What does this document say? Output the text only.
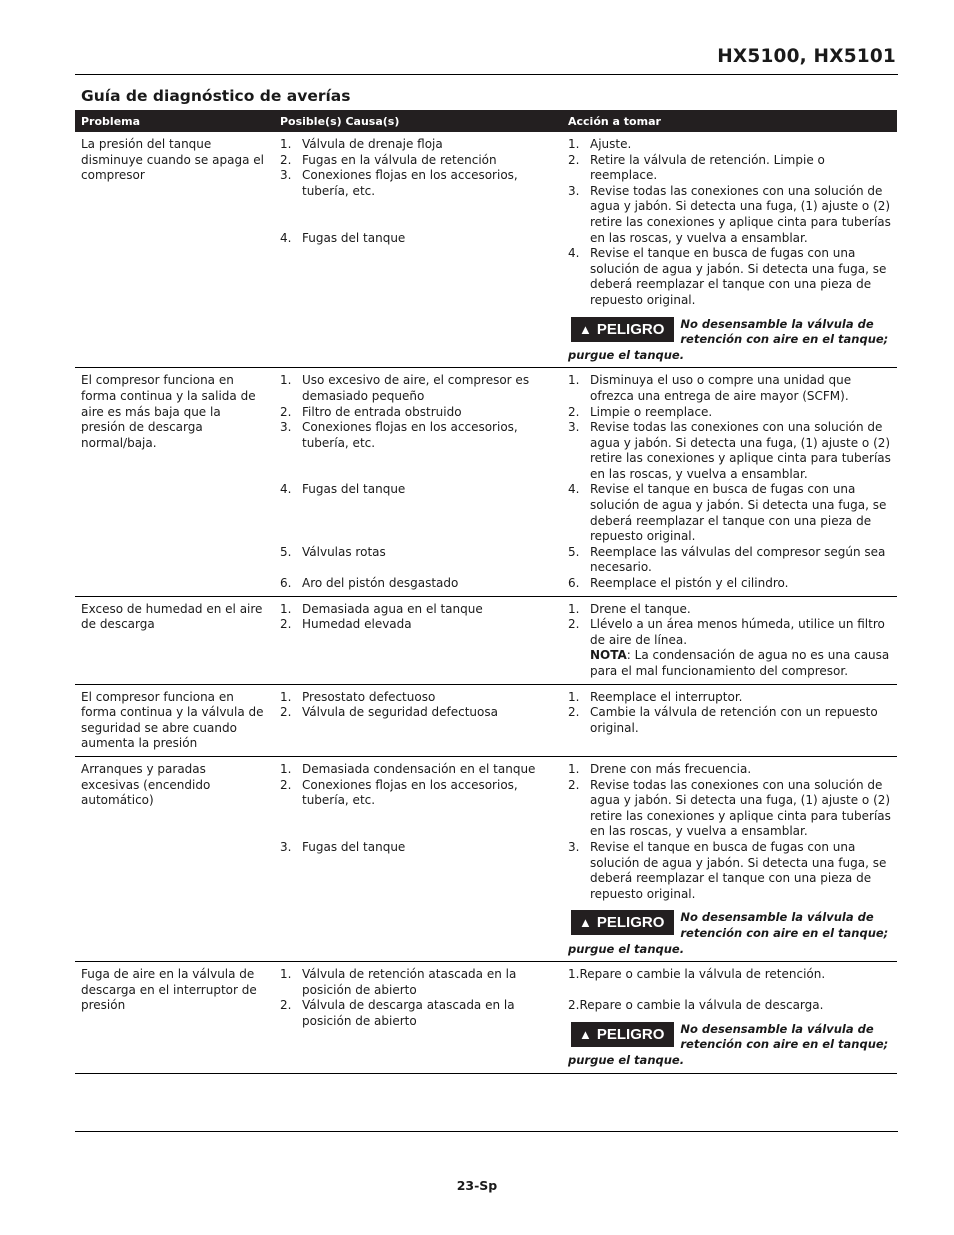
HX5100, HX5101
Guía de diagnóstico de averías
Problema	Posible(s) Causa(s)	Acción a tomar
La presión del tanque disminuye cuando se apaga el compresor
1. Válvula de drenaje floja
2. Fugas en la válvula de retención
3. Conexiones flojas en los accesorios, tubería, etc.
4. Fugas del tanque
1. Ajuste.
2. Retire la válvula de retención. Limpie o reemplace.
3. Revise todas las conexiones con una solución de agua y jabón. Si detecta una fuga, (1) ajuste o (2) retire las conexiones y aplique cinta para tuberías en las roscas, y vuelva a ensamblar.
4. Revise el tanque en busca de fugas con una solución de agua y jabón. Si detecta una fuga, se deberá reemplazar el tanque con una pieza de repuesto original.
▲ PELIGRO No desensamble la válvula de retención con aire en el tanque; purgue el tanque.
El compresor funciona en forma continua y la salida de aire es más baja que la presión de descarga normal/baja.
1. Uso excesivo de aire, el compresor es demasiado pequeño
2. Filtro de entrada obstruido
3. Conexiones flojas en los accesorios, tubería, etc.
4. Fugas del tanque
5. Válvulas rotas
6. Aro del pistón desgastado
1. Disminuya el uso o compre una unidad que ofrezca una entrega de aire mayor (SCFM).
2. Limpie o reemplace.
3. Revise todas las conexiones con una solución de agua y jabón. Si detecta una fuga, (1) ajuste o (2) retire las conexiones y aplique cinta para tuberías en las roscas, y vuelva a ensamblar.
4. Revise el tanque en busca de fugas con una solución de agua y jabón. Si detecta una fuga, se deberá reemplazar el tanque con una pieza de repuesto original.
5. Reemplace las válvulas del compresor según sea necesario.
6. Reemplace el pistón y el cilindro.
Exceso de humedad en el aire de descarga
1. Demasiada agua en el tanque
2. Humedad elevada
1. Drene el tanque.
2. Llévelo a un área menos húmeda, utilice un filtro de aire de línea.
NOTA: La condensación de agua no es una causa para el mal funcionamiento del compresor.
El compresor funciona en forma continua y la válvula de seguridad se abre cuando aumenta la presión
1. Presostato defectuoso
2. Válvula de seguridad defectuosa
1. Reemplace el interruptor.
2. Cambie la válvula de retención con un repuesto original.
Arranques y paradas excesivas (encendido automático)
1. Demasiada condensación en el tanque
2. Conexiones flojas en los accesorios, tubería, etc.
3. Fugas del tanque
1. Drene con más frecuencia.
2. Revise todas las conexiones con una solución de agua y jabón. Si detecta una fuga, (1) ajuste o (2) retire las conexiones y aplique cinta para tuberías en las roscas, y vuelva a ensamblar.
3. Revise el tanque en busca de fugas con una solución de agua y jabón. Si detecta una fuga, se deberá reemplazar el tanque con una pieza de repuesto original.
▲ PELIGRO No desensamble la válvula de retención con aire en el tanque; purgue el tanque.
Fuga de aire en la válvula de descarga en el interruptor de presión
1. Válvula de retención atascada en la posición de abierto
2. Válvula de descarga atascada en la posición de abierto
1.Repare o cambie la válvula de retención.
2.Repare o cambie la válvula de descarga.
▲ PELIGRO No desensamble la válvula de retención con aire en el tanque; purgue el tanque.
23-Sp
